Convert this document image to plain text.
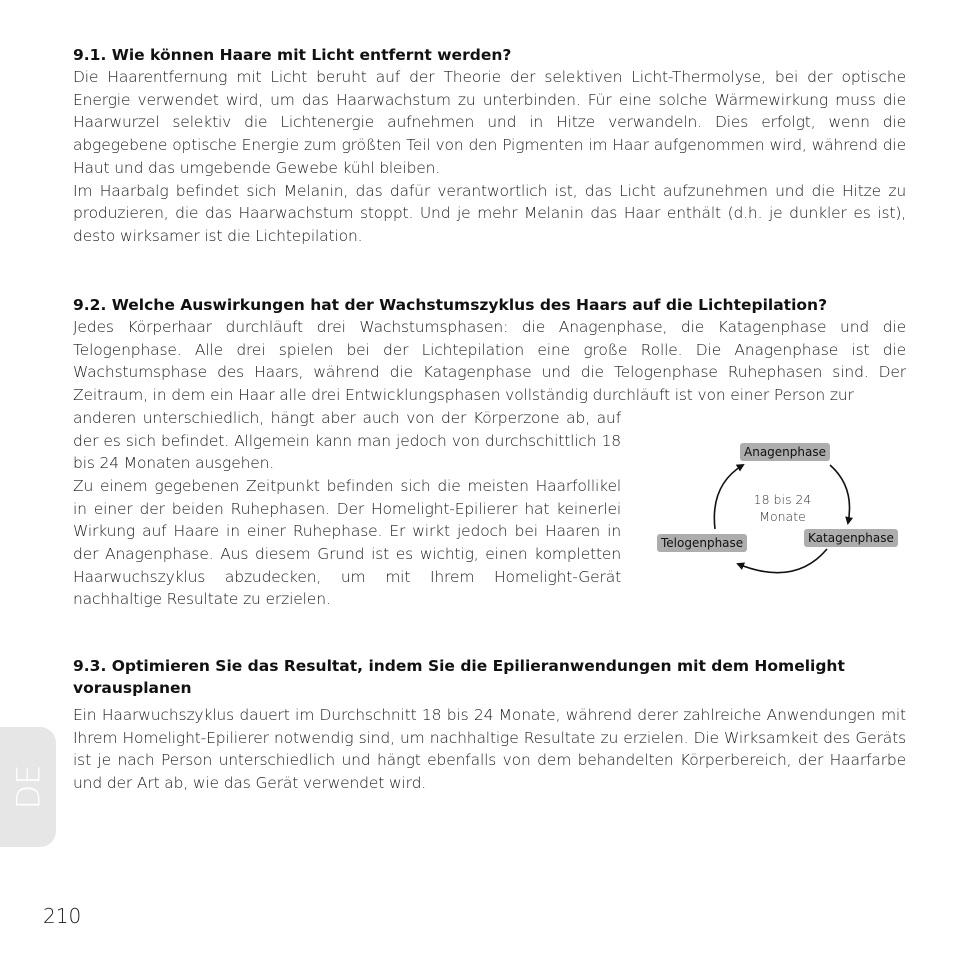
9.1. Wie können Haare mit Licht entfernt werden?

Die Haarentfernung mit Licht beruht auf der Theorie der selektiven Licht-Thermolyse, bei der optische Energie verwendet wird, um das Haarwachstum zu unterbinden. Für eine solche Wärmewirkung muss die Haarwurzel selektiv die Lichtenergie aufnehmen und in Hitze verwandeln. Dies erfolgt, wenn die abgegebene optische Energie zum größten Teil von den Pigmenten im Haar aufgenommen wird, während die Haut und das umgebende Gewebe kühl bleiben.

Im Haarbalg befindet sich Melanin, das dafür verantwortlich ist, das Licht aufzunehmen und die Hitze zu produzieren, die das Haarwachstum stoppt. Und je mehr Melanin das Haar enthält (d.h. je dunkler es ist), desto wirksamer ist die Lichtepilation.

9.2. Welche Auswirkungen hat der Wachstumszyklus des Haars auf die Lichtepilation?

Jedes Körperhaar durchläuft drei Wachstumsphasen: die Anagenphase, die Katagenphase und die Telogenphase. Alle drei spielen bei der Lichtepilation eine große Rolle. Die Anagenphase ist die Wachstumsphase des Haars, während die Katagenphase und die Telogenphase Ruhephasen sind. Der Zeitraum, in dem ein Haar alle drei Entwicklungsphasen vollständig durchläuft ist von einer Person zur

anderen unterschiedlich, hängt aber auch von der Körperzone ab, auf der es sich befindet. Allgemein kann man jedoch von durchschittlich 18 bis 24 Monaten ausgehen.

Zu einem gegebenen Zeitpunkt befinden sich die meisten Haarfollikel in einer der beiden Ruhephasen. Der Homelight-Epilierer hat keinerlei Wirkung auf Haare in einer Ruhephase. Er wirkt jedoch bei Haaren in der Anagenphase. Aus diesem Grund ist es wichtig, einen kompletten Haarwuchszyklus abzudecken, um mit Ihrem Homelight-Gerät nachhaltige Resultate zu erzielen.

Anagenphase
Katagenphase
Telogenphase
18 bis 24
Monate
9.3. Optimieren Sie das Resultat, indem Sie die Epilieranwendungen mit dem Homelight vorausplanen

Ein Haarwuchszyklus dauert im Durchschnitt 18 bis 24 Monate, während derer zahlreiche Anwendungen mit Ihrem Homelight-Epilierer notwendig sind, um nachhaltige Resultate zu erzielen. Die Wirksamkeit des Geräts ist je nach Person unterschiedlich und hängt ebenfalls von dem behandelten Körperbereich, der Haarfarbe und der Art ab, wie das Gerät verwendet wird.

DE
210
